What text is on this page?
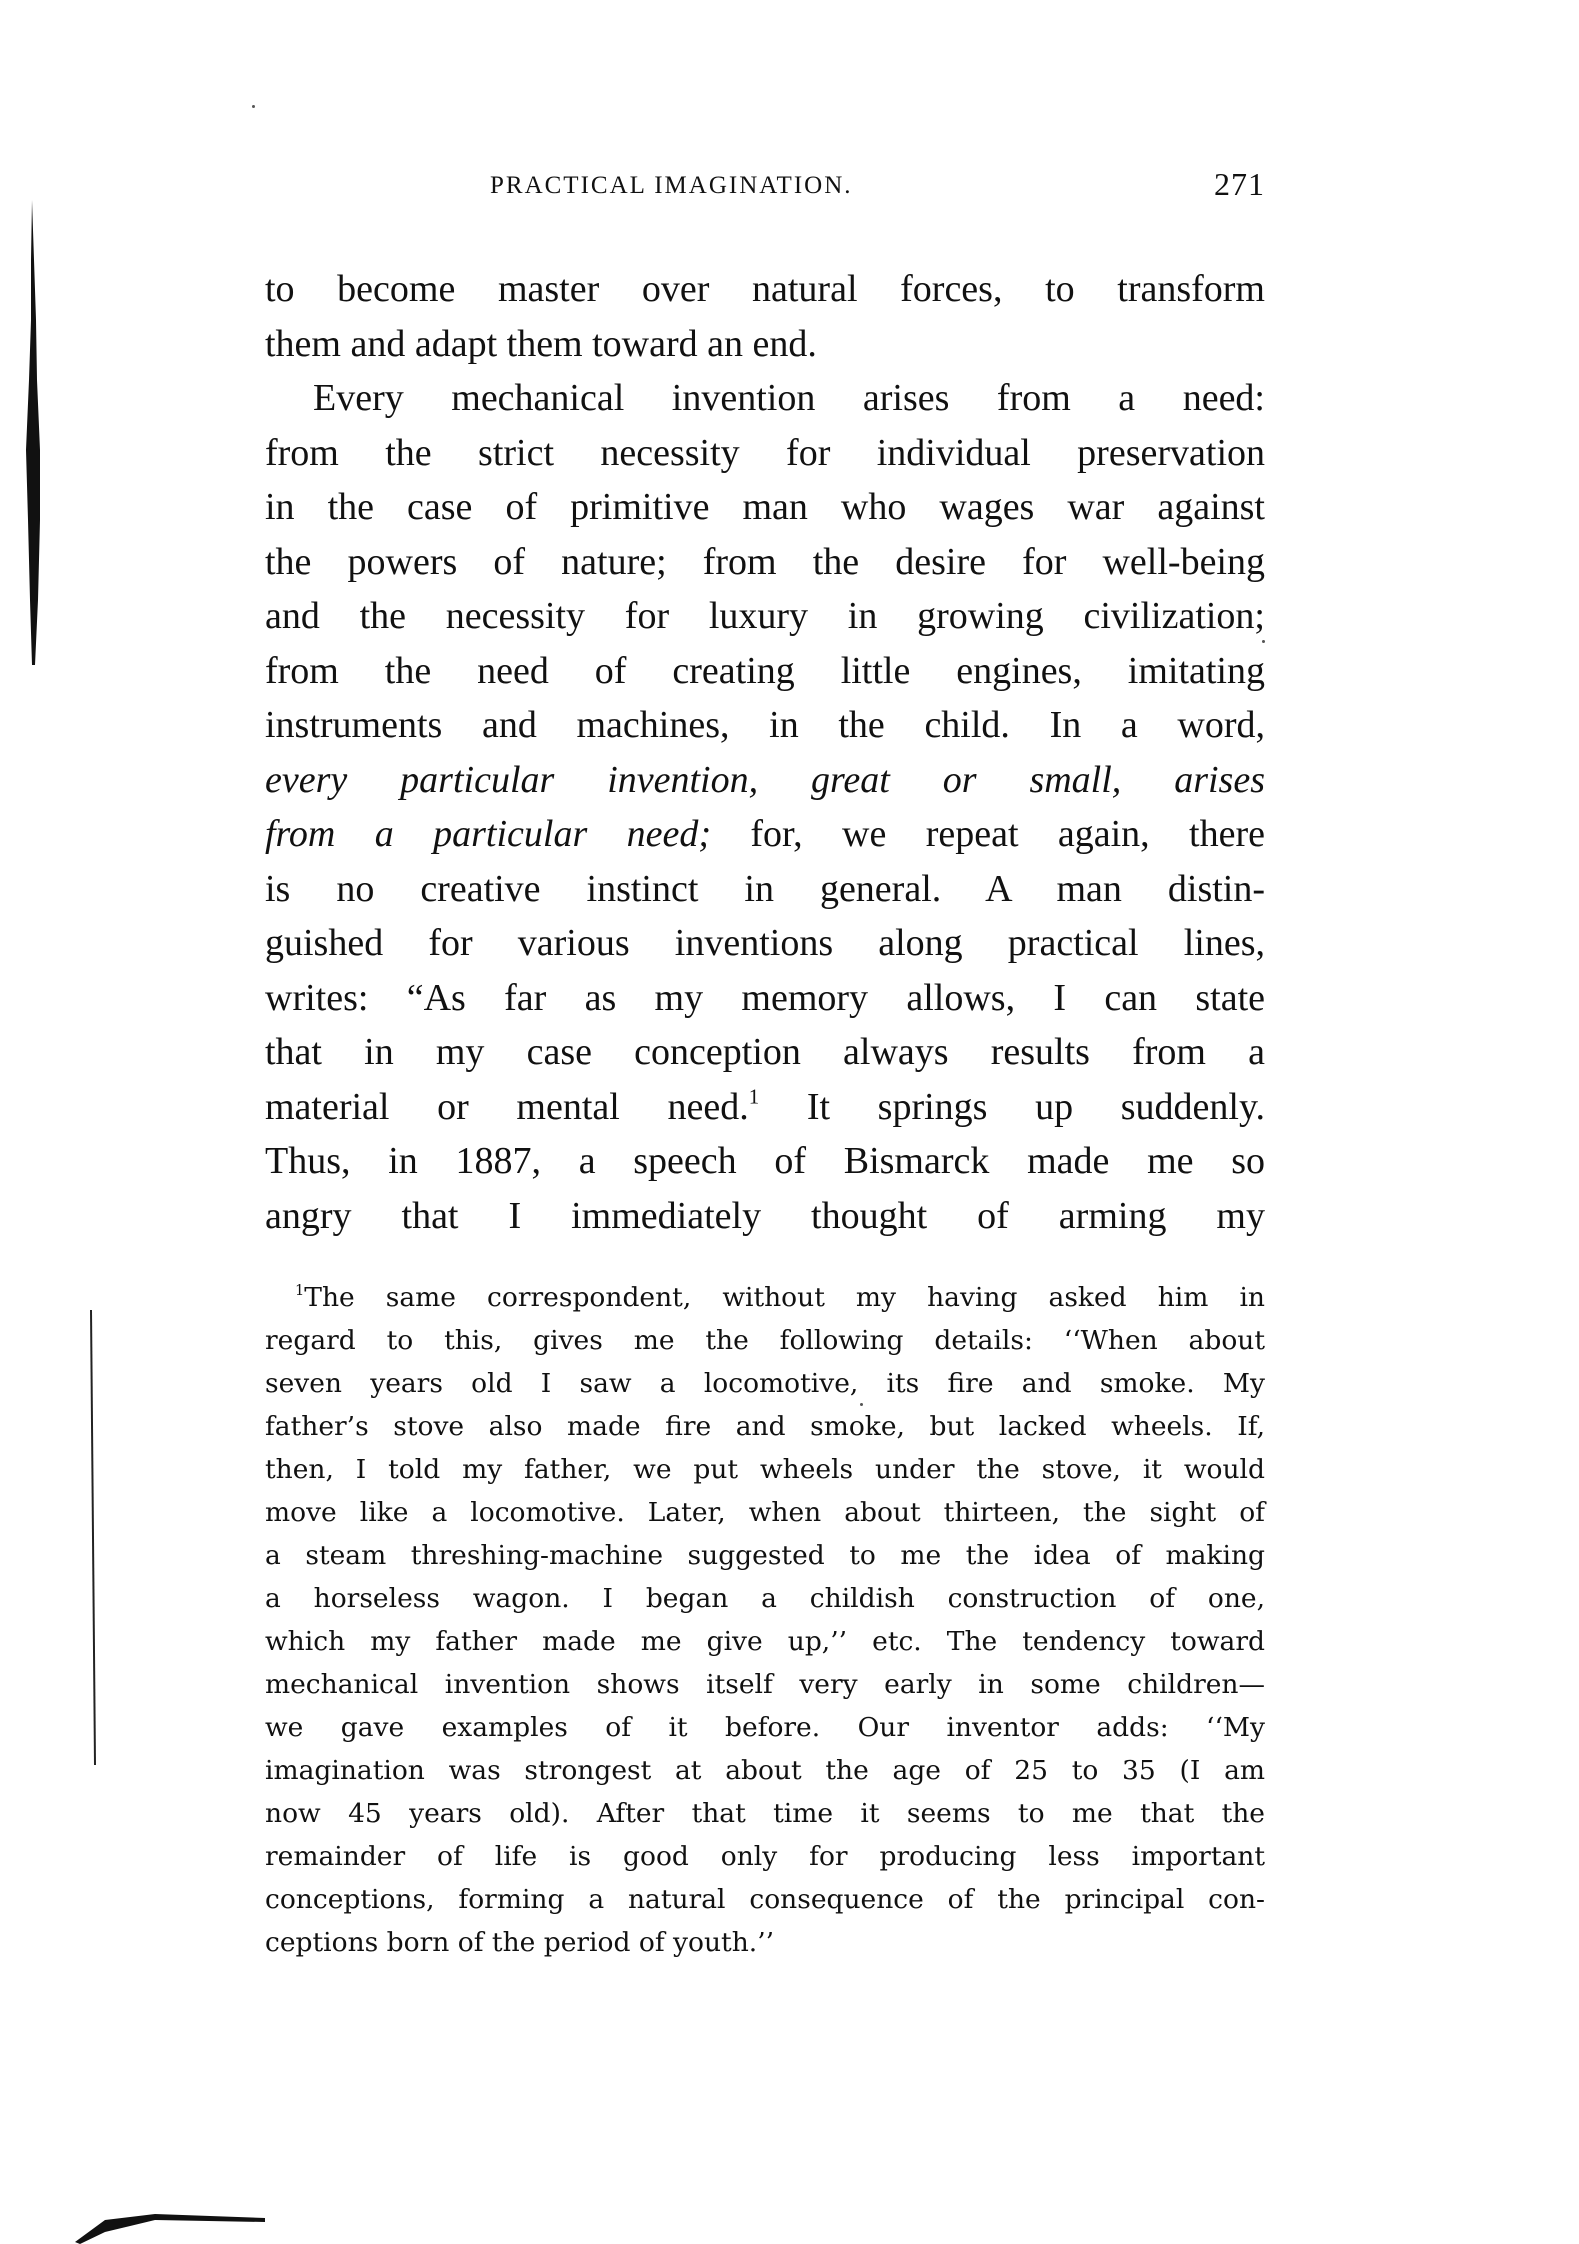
PRACTICAL IMAGINATION.	271
to become master over natural forces, to transform
them and adapt them toward an end.
Every mechanical invention arises from a need:
from the strict necessity for individual preservation
in the case of primitive man who wages war against
the powers of nature; from the desire for well-being
and the necessity for luxury in growing civilization;
from the need of creating little engines, imitating
instruments and machines, in the child. In a word,
every particular invention, great or small, arises
from a particular need; for, we repeat again, there
is no creative instinct in general. A man distin-
guished for various inventions along practical lines,
writes: “As far as my memory allows, I can state
that in my case conception always results from a
material or mental need.$^1$ It springs up suddenly.
Thus, in 1887, a speech of Bismarck made me so
angry that I immediately thought of arming my
$^1$The same correspondent, without my having asked him in
regard to this, gives me the following details: ‘‘When about
seven years old I saw a locomotive, its fire and smoke. My
father’s stove also made fire and smoke, but lacked wheels. If,
then, I told my father, we put wheels under the stove, it would
move like a locomotive. Later, when about thirteen, the sight of
a steam threshing-machine suggested to me the idea of making
a horseless wagon. I began a childish construction of one,
which my father made me give up,’’ etc. The tendency toward
mechanical invention shows itself very early in some children—
we gave examples of it before. Our inventor adds: ‘‘My
imagination was strongest at about the age of 25 to 35 (I am
now 45 years old). After that time it seems to me that the
remainder of life is good only for producing less important
conceptions, forming a natural consequence of the principal con-
ceptions born of the period of youth.’’
